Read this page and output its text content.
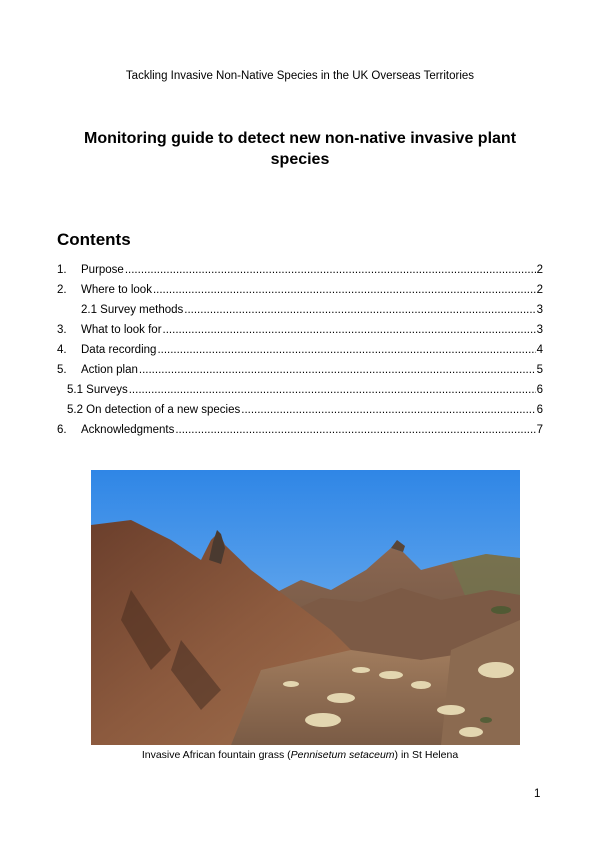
Tackling Invasive Non-Native Species in the UK Overseas Territories
Monitoring guide to detect new non-native invasive plant
species
Contents
1.	Purpose .....	2
2.	Where to look .....	2
2.1 Survey methods .....	3
3.	What to look for .....	3
4.	Data recording .....	4
5.	Action plan .....	5
5.1 Surveys .....	6
5.2 On detection of a new species .....	6
6.	Acknowledgments .....	7
Invasive African fountain grass (Pennisetum setaceum) in St Helena
1
